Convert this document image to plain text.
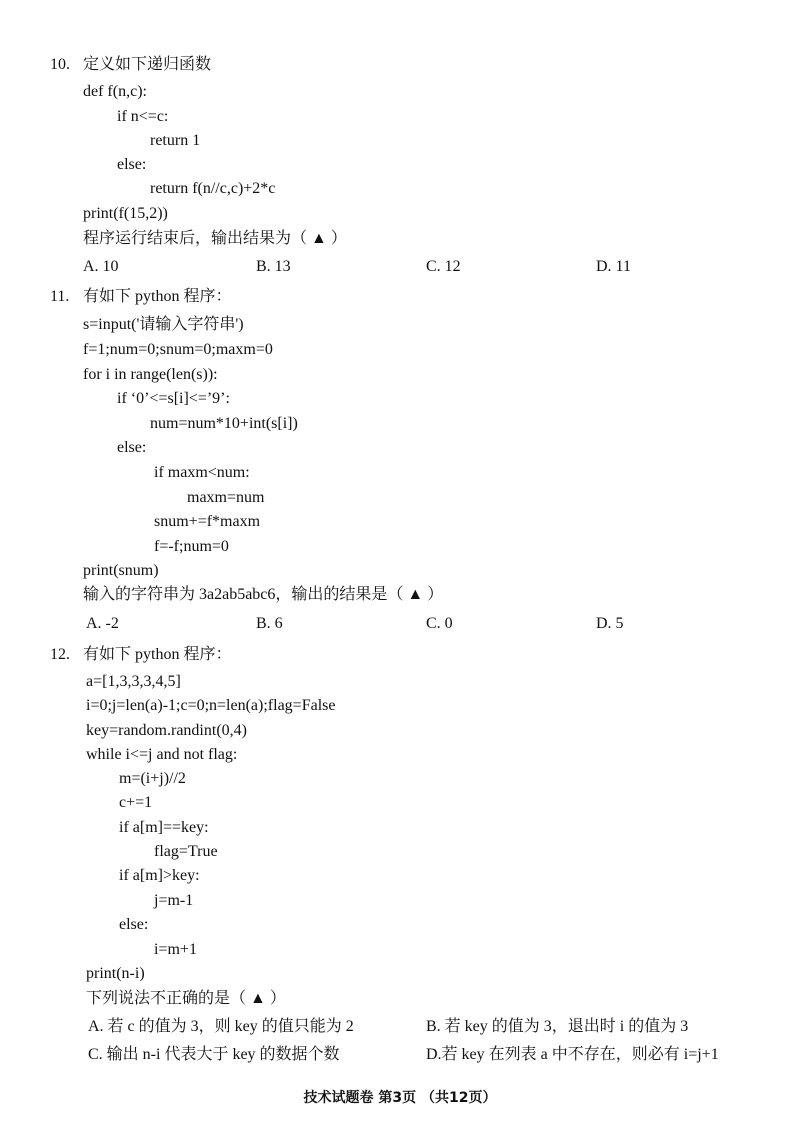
10. 定义如下递归函数
def f(n,c):
if n<=c:
return 1
else:
return f(n//c,c)+2*c
print(f(15,2))
程序运行结束后，输出结果为（ ▲ ）
A. 10	B. 13	C. 12	D. 11
11. 有如下 python 程序：
s=input('请输入字符串')
f=1;num=0;snum=0;maxm=0
for i in range(len(s)):
if ‘0’<=s[i]<=’9’:
num=num*10+int(s[i])
else:
if maxm<num:
maxm=num
snum+=f*maxm
f=-f;num=0
print(snum)
输入的字符串为 3a2ab5abc6，输出的结果是（ ▲ ）
A. -2	B. 6	C. 0	D. 5
12. 有如下 python 程序：
a=[1,3,3,3,4,5]
i=0;j=len(a)-1;c=0;n=len(a);flag=False
key=random.randint(0,4)
while i<=j and not flag:
m=(i+j)//2
c+=1
if a[m]==key:
flag=True
if a[m]>key:
j=m-1
else:
i=m+1
print(n-i)
下列说法不正确的是（ ▲ ）
A. 若 c 的值为 3，则 key 的值只能为 2	B. 若 key 的值为 3，退出时 i 的值为 3
C. 输出 n-i 代表大于 key 的数据个数	D.若 key 在列表 a 中不存在，则必有 i=j+1
技术试题卷 第3页 （共12页）
